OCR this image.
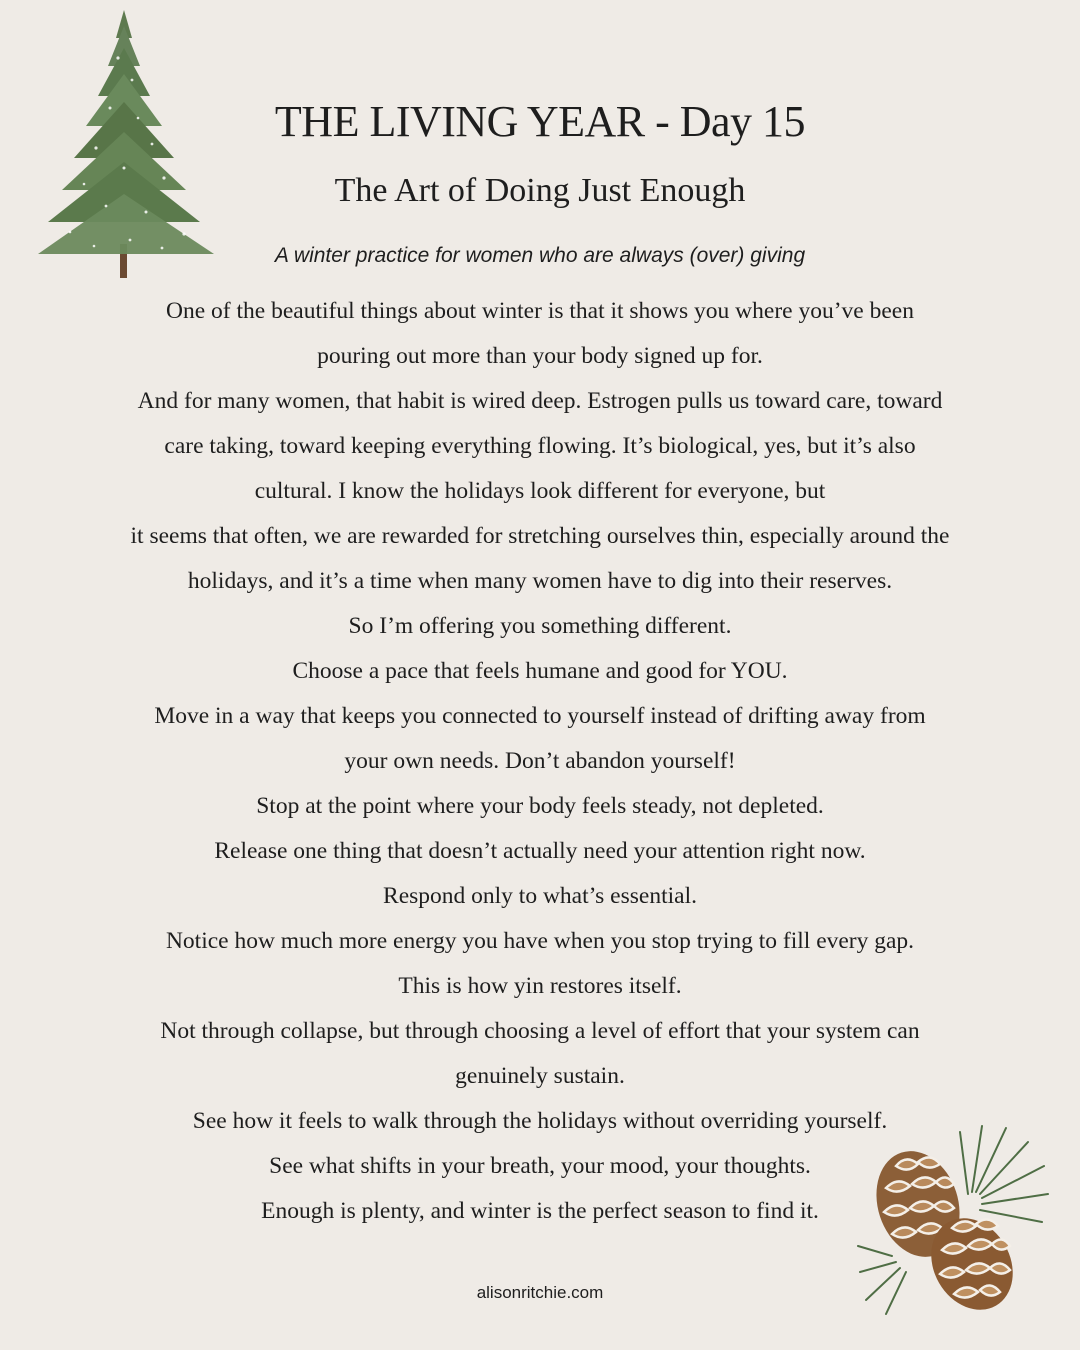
THE LIVING YEAR - Day 15
The Art of Doing Just Enough

A winter practice for women who are always (over) giving

One of the beautiful things about winter is that it shows you where you’ve been
pouring out more than your body signed up for.
And for many women, that habit is wired deep. Estrogen pulls us toward care, toward
care taking, toward keeping everything flowing. It’s biological, yes, but it’s also
cultural. I know the holidays look different for everyone, but
it seems that often, we are rewarded for stretching ourselves thin, especially around the
holidays, and it’s a time when many women have to dig into their reserves.
So I’m offering you something different.
Choose a pace that feels humane and good for YOU.
Move in a way that keeps you connected to yourself instead of drifting away from
your own needs. Don’t abandon yourself!
Stop at the point where your body feels steady, not depleted.
Release one thing that doesn’t actually need your attention right now.
Respond only to what’s essential.
Notice how much more energy you have when you stop trying to fill every gap.
This is how yin restores itself.
Not through collapse, but through choosing a level of effort that your system can
genuinely sustain.
See how it feels to walk through the holidays without overriding yourself.
See what shifts in your breath, your mood, your thoughts.
Enough is plenty, and winter is the perfect season to find it.
alisonritchie.com
